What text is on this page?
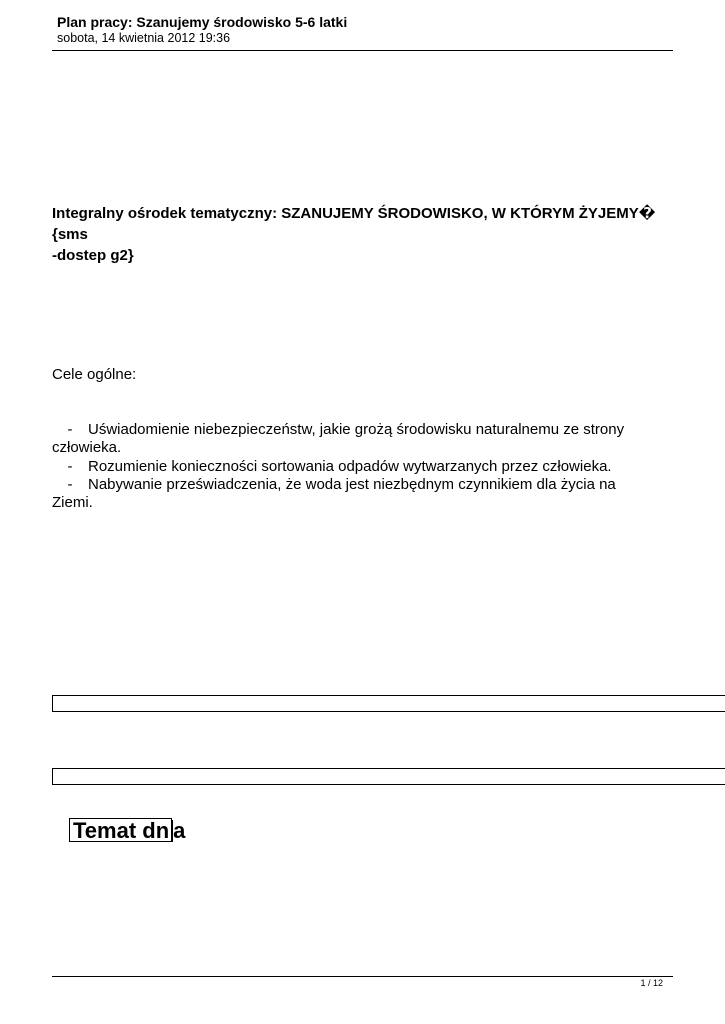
Plan pracy: Szanujemy środowisko 5-6 latki
sobota, 14 kwietnia 2012 19:36
Integralny ośrodek tematyczny: SZANUJEMY ŚRODOWISKO, W KTÓRYM ŻYJEMY� {sms
-dostep g2}
Cele ogólne:
- Uświadomienie niebezpieczeństw, jakie grożą środowisku naturalnemu ze strony
człowieka.
- Rozumienie konieczności sortowania odpadów wytwarzanych przez człowieka.
- Nabywanie przeświadczenia, że woda jest niezbędnym czynnikiem dla życia na Ziemi.
Temat dn a
1 / 12
